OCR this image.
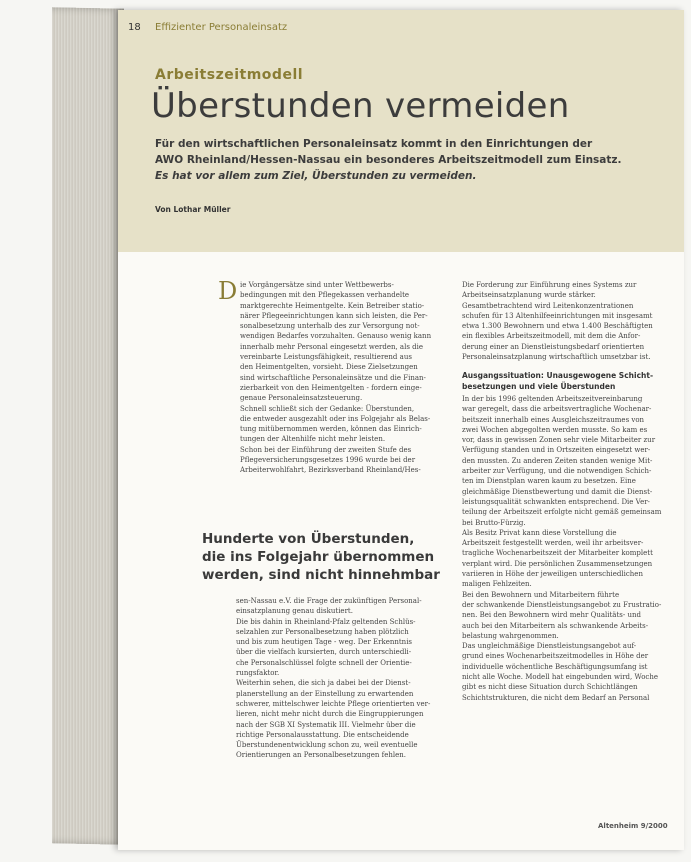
18 Effizienter Personaleinsatz
Arbeitszeitmodell
Überstunden vermeiden
Für den wirtschaftlichen Personaleinsatz kommt in den Einrichtungen der
AWO Rheinland/Hessen-Nassau ein besonderes Arbeitszeitmodell zum Einsatz.
Es hat vor allem zum Ziel, Überstunden zu vermeiden.
Von Lothar Müller
D ie Vorgängersätze sind unter Wettbewerbs-

bedingungen mit den Pflegekassen verhandelte

marktgerechte Heimentgelte. Kein Betreiber statio-

närer Pflegeeinrichtungen kann sich leisten, die Per-

sonalbesetzung unterhalb des zur Versorgung not-

wendigen Bedarfes vorzuhalten. Genauso wenig kann

innerhalb mehr Personal eingesetzt werden, als die

vereinbarte Leistungsfähigkeit, resultierend aus

den Heimentgelten, vorsieht. Diese Zielsetzungen

sind wirtschaftliche Personaleinsätze und die Finan-

zierbarkeit von den Heimentgelten - fordern einge-

genaue Personaleinsatzsteuerung.

Schnell schließt sich der Gedanke: Überstunden,

die entweder ausgezahlt oder ins Folgejahr als Belas-

tung mitübernommen werden, können das Einrich-

tungen der Altenhilfe nicht mehr leisten.

Schon bei der Einführung der zweiten Stufe des

Pflegeversicherungsgesetzes 1996 wurde bei der

Arbeiterwohlfahrt, Bezirksverband Rheinland/Hes-

Hunderte von Überstunden,
die ins Folgejahr übernommen
werden, sind nicht hinnehmbar

sen-Nassau e.V. die Frage der zukünftigen Personal-

einsatzplanung genau diskutiert.

Die bis dahin in Rheinland-Pfalz geltenden Schlüs-

selzahlen zur Personalbesetzung haben plötzlich

und bis zum heutigen Tage - weg. Der Erkenntnis

über die vielfach kursierten, durch unterschiedli-

che Personalschlüssel folgte schnell der Orientie-

rungsfaktor.

Weiterhin sehen, die sich ja dabei bei der Dienst-

planerstellung an der Einstellung zu erwartenden

schwerer, mittelschwer leichte Pflege orientierten ver-

lieren, nicht mehr nicht durch die Eingruppierungen

nach der SGB XI Systematik III. Vielmehr über die

richtige Personalausstattung. Die entscheidende

Überstundenentwicklung schon zu, weil eventuelle

Orientierungen an Personalbesetzungen fehlen.

Die Forderung zur Einführung eines Systems zur

Arbeitseinsatzplanung wurde stärker.

Gesamtbetrachtend wird Leitenkonzentrationen

schufen für 13 Altenhilfeeinrichtungen mit insgesamt

etwa 1.300 Bewohnern und etwa 1.400 Beschäftigten

ein flexibles Arbeitszeitmodell, mit dem die Anfor-

derung einer an Dienstleistungsbedarf orientierten

Personaleinsatzplanung wirtschaftlich umsetzbar ist.

Ausgangssituation: Unausgewogene Schicht-
besetzungen und viele Überstunden

In der bis 1996 geltenden Arbeitszeitvereinbarung

war geregelt, dass die arbeitsvertragliche Wochenar-

beitszeit innerhalb eines Ausgleichszeitraumes von

zwei Wochen abgegolten werden musste. So kam es

vor, dass in gewissen Zonen sehr viele Mitarbeiter zur

Verfügung standen und in Ortszeiten eingesetzt wer-

den mussten. Zu anderen Zeiten standen wenige Mit-

arbeiter zur Verfügung, und die notwendigen Schich-

ten im Dienstplan waren kaum zu besetzen. Eine

gleichmäßige Dienstbewertung und damit die Dienst-

leistungsqualität schwankten entsprechend. Die Ver-

teilung der Arbeitszeit erfolgte nicht gemäß gemeinsam

bei Brutto-Fürzig.

Als Besitz Privat kann diese Vorstellung die

Arbeitszeit festgestellt werden, weil ihr arbeitsver-

tragliche Wochenarbeitszeit der Mitarbeiter komplett

verplant wird. Die persönlichen Zusammensetzungen

variieren in Höhe der jeweiligen unterschiedlichen

maligen Fehlzeiten.

Bei den Bewohnern und Mitarbeitern führte

der schwankende Dienstleistungsangebot zu Frustratio-

nen. Bei den Bewohnern wird mehr Qualitäts- und

auch bei den Mitarbeitern als schwankende Arbeits-

belastung wahrgenommen.

Das ungleichmäßige Dienstleistungsangebot auf-

grund eines Wochenarbeitszeitmodelles in Höhe der

individuelle wöchentliche Beschäftigungsumfang ist

nicht alle Woche. Modell hat eingebunden wird, Woche

gibt es nicht diese Situation durch Schichtlängen

Schichtstrukturen, die nicht dem Bedarf an Personal

Altenheim 9/2000
